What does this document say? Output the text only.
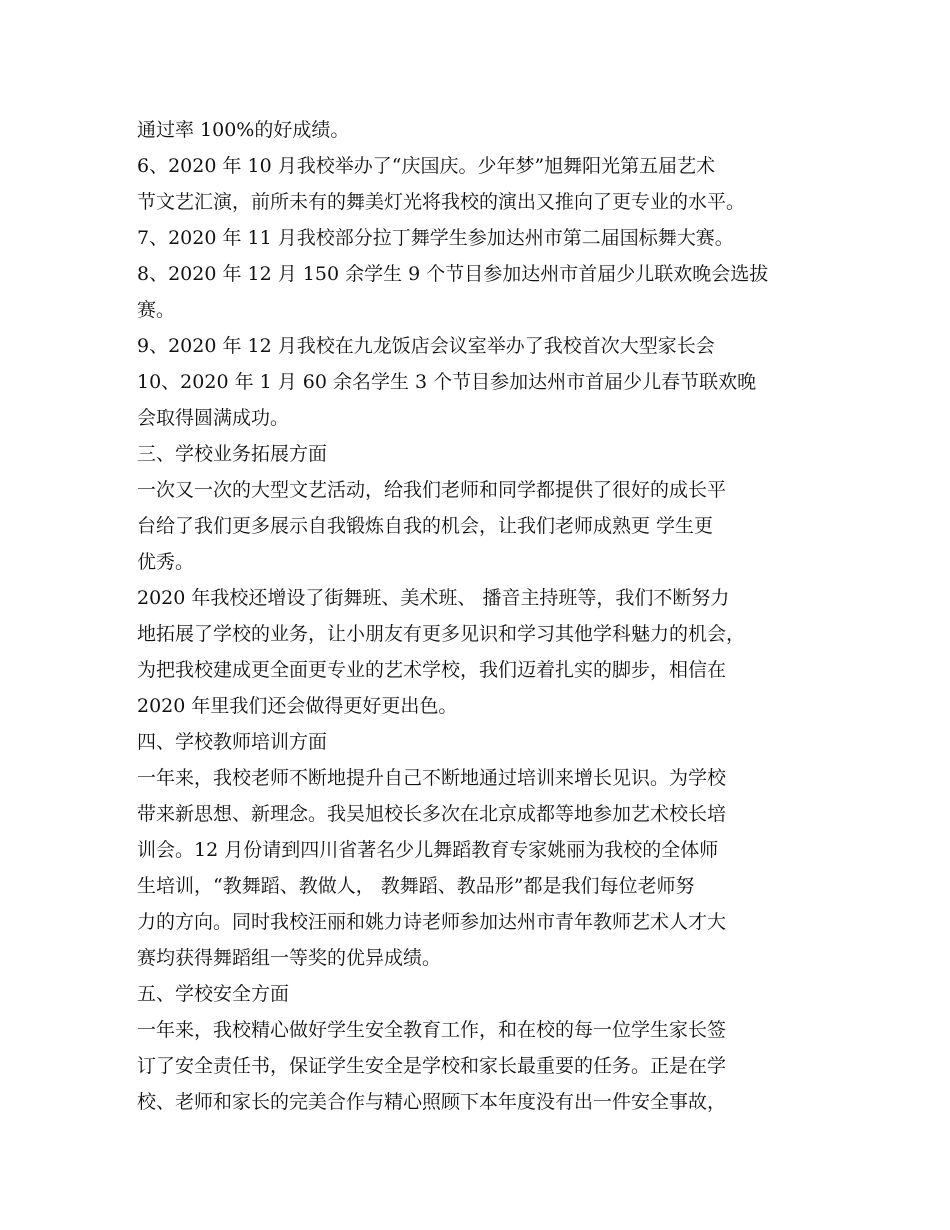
通过率 100%的好成绩。
6、2020 年 10 月我校举办了“庆国庆。少年梦”旭舞阳光第五届艺术
节文艺汇演，前所未有的舞美灯光将我校的演出又推向了更专业的水平。
7、2020 年 11 月我校部分拉丁舞学生参加达州市第二届国标舞大赛。
8、2020 年 12 月 150 余学生 9 个节目参加达州市首届少儿联欢晚会选拔
赛。
9、2020 年 12 月我校在九龙饭店会议室举办了我校首次大型家长会
10、2020 年 1 月 60 余名学生 3 个节目参加达州市首届少儿春节联欢晚
会取得圆满成功。
三、学校业务拓展方面
一次又一次的大型文艺活动，给我们老师和同学都提供了很好的成长平
台给了我们更多展示自我锻炼自我的机会，让我们老师成熟更 学生更
优秀。
2020 年我校还增设了街舞班、美术班、 播音主持班等，我们不断努力
地拓展了学校的业务，让小朋友有更多见识和学习其他学科魅力的机会，
为把我校建成更全面更专业的艺术学校，我们迈着扎实的脚步，相信在
2020 年里我们还会做得更好更出色。
四、学校教师培训方面
一年来，我校老师不断地提升自己不断地通过培训来增长见识。为学校
带来新思想、新理念。我吴旭校长多次在北京成都等地参加艺术校长培
训会。12 月份请到四川省著名少儿舞蹈教育专家姚丽为我校的全体师
生培训，“教舞蹈、教做人， 教舞蹈、教品形”都是我们每位老师努
力的方向。同时我校汪丽和姚力诗老师参加达州市青年教师艺术人才大
赛均获得舞蹈组一等奖的优异成绩。
五、学校安全方面
一年来，我校精心做好学生安全教育工作，和在校的每一位学生家长签
订了安全责任书，保证学生安全是学校和家长最重要的任务。正是在学
校、老师和家长的完美合作与精心照顾下本年度没有出一件安全事故，
